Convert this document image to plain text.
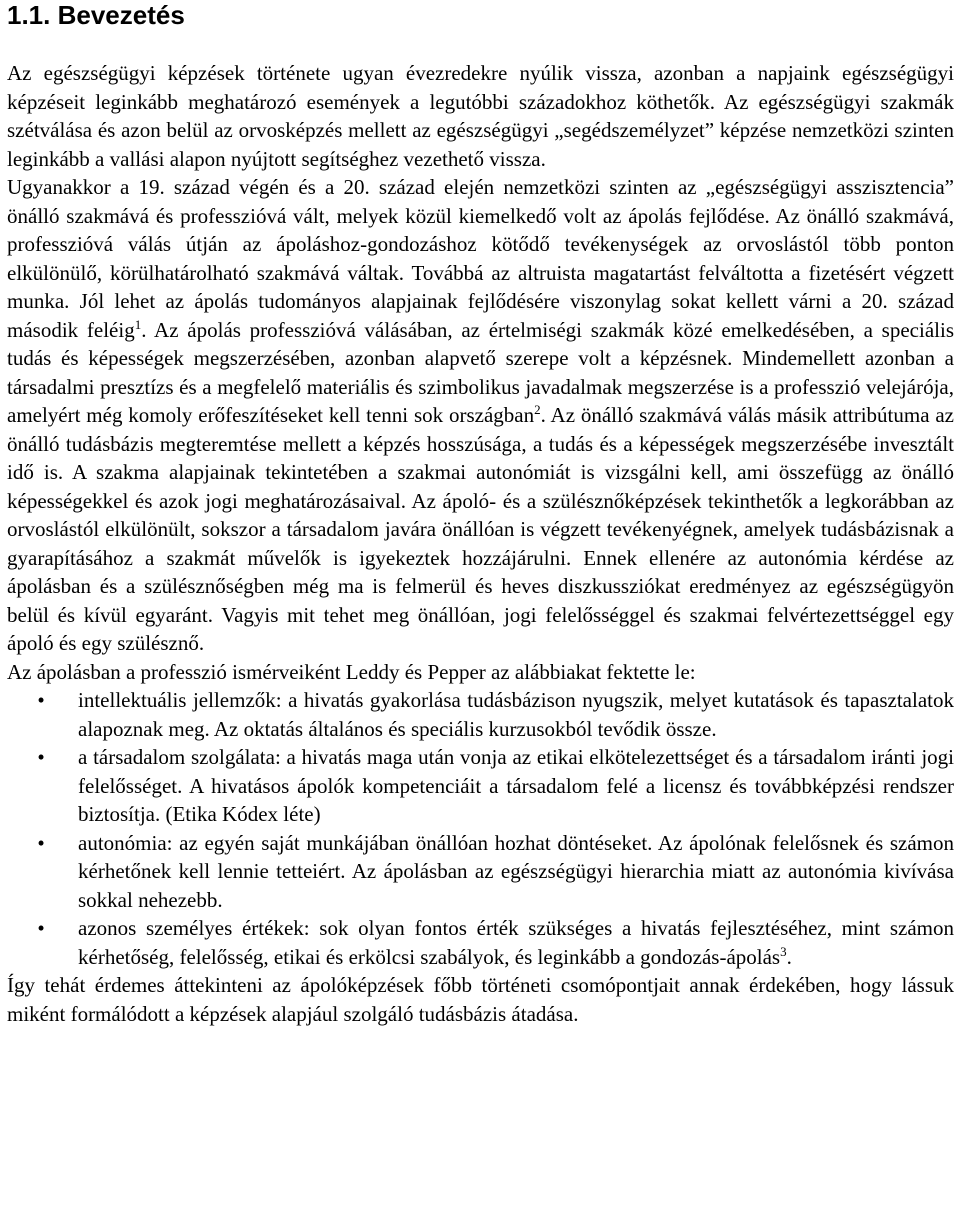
1.1. Bevezetés

Az egészségügyi képzések története ugyan évezredekre nyúlik vissza, azonban a napjaink egészségügyi képzéseit leginkább meghatározó események a legutóbbi századokhoz köthetők. Az egészségügyi szakmák szétválása és azon belül az orvosképzés mellett az egészségügyi „segédszemélyzet” képzése nemzetközi szinten leginkább a vallási alapon nyújtott segítséghez vezethető vissza.

Ugyanakkor a 19. század végén és a 20. század elején nemzetközi szinten az „egészségügyi asszisztencia” önálló szakmává és professzióvá vált, melyek közül kiemelkedő volt az ápolás fejlődése. Az önálló szakmává, professzióvá válás útján az ápoláshoz-gondozáshoz kötődő tevékenységek az orvoslástól több ponton elkülönülő, körülhatárolható szakmává váltak. Továbbá az altruista magatartást felváltotta a fizetésért végzett munka. Jól lehet az ápolás tudományos alapjainak fejlődésére viszonylag sokat kellett várni a 20. század második feléig$^1$. Az ápolás professzióvá válásában, az értelmiségi szakmák közé emelkedésében, a speciális tudás és képességek megszerzésében, azonban alapvető szerepe volt a képzésnek. Mindemellett azonban a társadalmi presztízs és a megfelelő materiális és szimbolikus javadalmak megszerzése is a professzió velejárója, amelyért még komoly erőfeszítéseket kell tenni sok országban$^2$. Az önálló szakmává válás másik attribútuma az önálló tudásbázis megteremtése mellett a képzés hosszúsága, a tudás és a képességek megszerzésébe invesztált idő is. A szakma alapjainak tekintetében a szakmai autonómiát is vizsgálni kell, ami összefügg az önálló képességekkel és azok jogi meghatározásaival. Az ápoló- és a szülésznőképzések tekinthetők a legkorábban az orvoslástól elkülönült, sokszor a társadalom javára önállóan is végzett tevékenyégnek, amelyek tudásbázisnak a gyarapításához a szakmát művelők is igyekeztek hozzájárulni. Ennek ellenére az autonómia kérdése az ápolásban és a szülésznőségben még ma is felmerül és heves diszkussziókat eredményez az egészségügyön belül és kívül egyaránt. Vagyis mit tehet meg önállóan, jogi felelősséggel és szakmai felvértezettséggel egy ápoló és egy szülésznő.

Az ápolásban a professzió ismérveiként Leddy és Pepper az alábbiakat fektette le:

• intellektuális jellemzők: a hivatás gyakorlása tudásbázison nyugszik, melyet kutatások és tapasztalatok alapoznak meg. Az oktatás általános és speciális kurzusokból tevődik össze.
• a társadalom szolgálata: a hivatás maga után vonja az etikai elkötelezettséget és a társadalom iránti jogi felelősséget. A hivatásos ápolók kompetenciáit a társadalom felé a licensz és továbbképzési rendszer biztosítja. (Etika Kódex léte)
• autonómia: az egyén saját munkájában önállóan hozhat döntéseket. Az ápolónak felelősnek és számon kérhetőnek kell lennie tetteiért. Az ápolásban az egészségügyi hierarchia miatt az autonómia kivívása sokkal nehezebb.
• azonos személyes értékek: sok olyan fontos érték szükséges a hivatás fejlesztéséhez, mint számon kérhetőség, felelősség, etikai és erkölcsi szabályok, és leginkább a gondozás-ápolás$^3$.

Így tehát érdemes áttekinteni az ápolóképzések főbb történeti csomópontjait annak érdekében, hogy lássuk miként formálódott a képzések alapjául szolgáló tudásbázis átadása.
